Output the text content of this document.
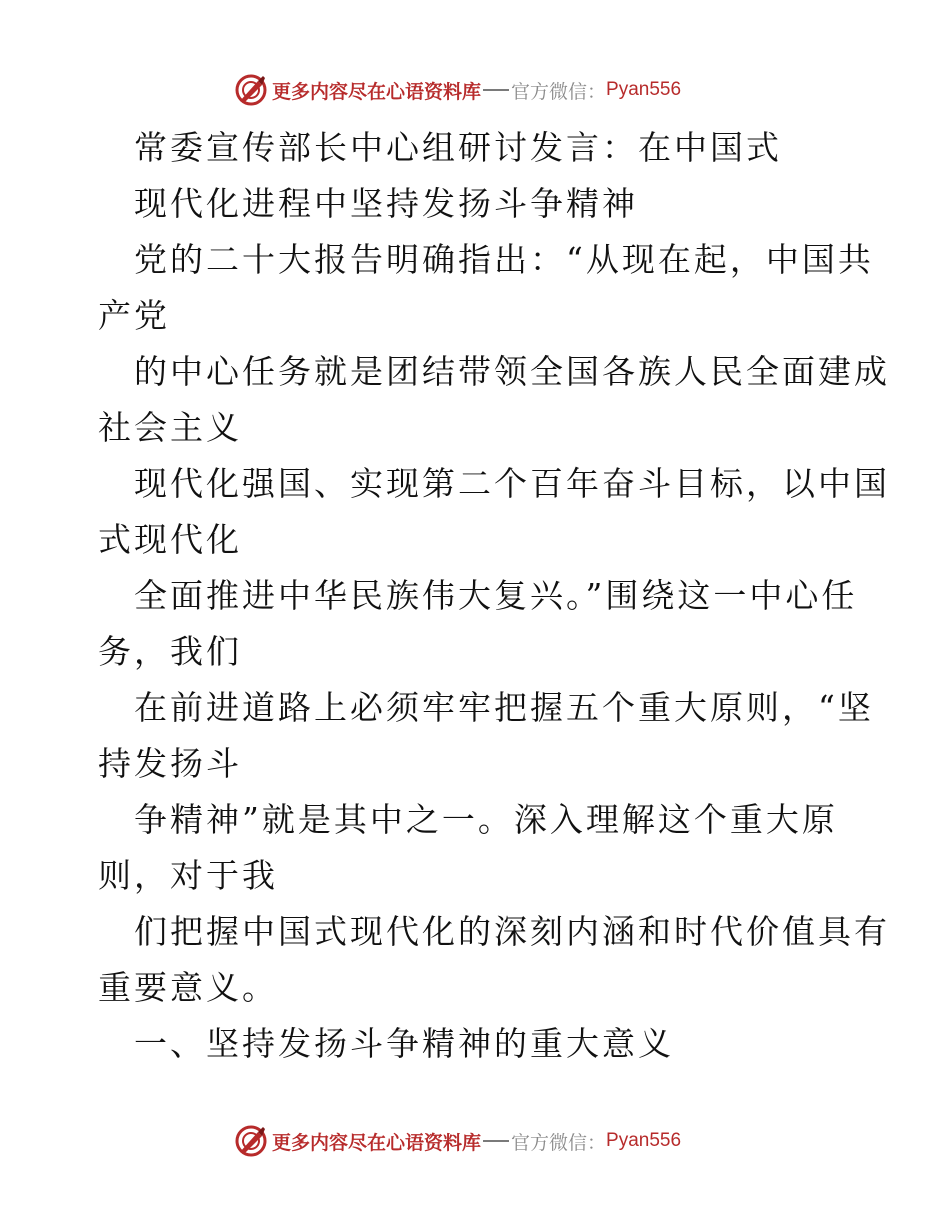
更多内容尽在心语资料库 官方微信： Pyan556
常委宣传部长中心组研讨发言：在中国式
现代化进程中坚持发扬斗争精神
党的二十大报告明确指出：“从现在起，中国共
产党
的中心任务就是团结带领全国各族人民全面建成
社会主义
现代化强国、实现第二个百年奋斗目标，以中国
式现代化
全面推进中华民族伟大复兴。”围绕这一中心任
务，我们
在前进道路上必须牢牢把握五个重大原则，“坚
持发扬斗
争精神”就是其中之一。深入理解这个重大原
则，对于我
们把握中国式现代化的深刻内涵和时代价值具有
重要意义。
一、坚持发扬斗争精神的重大意义
更多内容尽在心语资料库 官方微信： Pyan556
